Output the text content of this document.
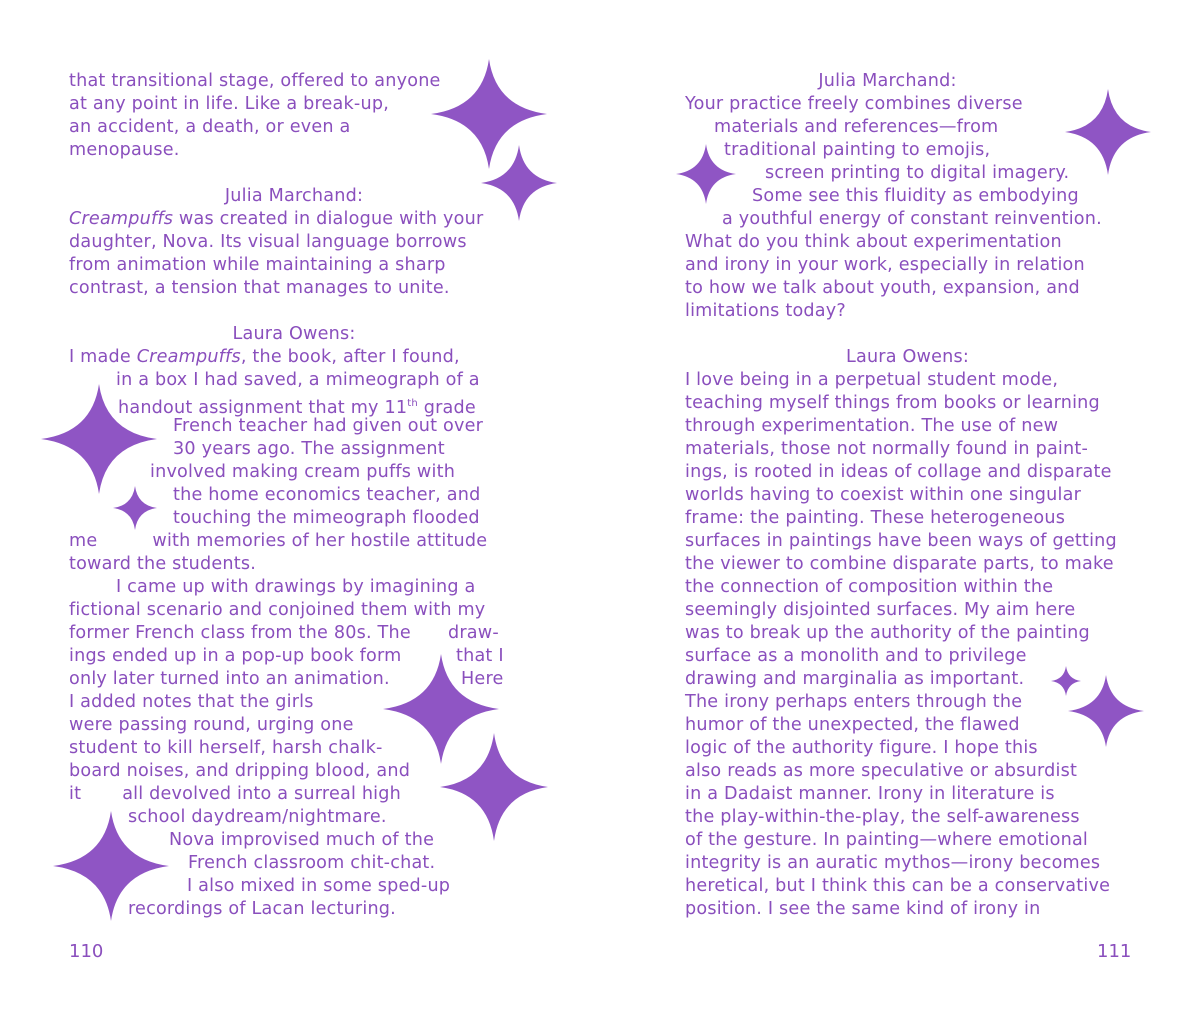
that transitional stage, offered to anyone
at any point in life. Like a break-up,
an accident, a death, or even a
menopause.
Julia Marchand:
Creampuffs was created in dialogue with your
daughter, Nova. Its visual language borrows
from animation while maintaining a sharp
contrast, a tension that manages to unite.
Laura Owens:
I made Creampuffs, the book, after I found,
in a box I had saved, a mimeograph of a
handout assignment that my 11th grade
French teacher had given out over
30 years ago. The assignment
involved making cream puffs with
the home economics teacher, and
touching the mimeograph flooded
me	with memories of her hostile attitude
toward the students.
I came up with drawings by imagining a
fictional scenario and conjoined them with my
former French class from the 80s. The draw-
ings ended up in a pop-up book form	that I
only later turned into an animation.	Here
I added notes that the girls
were passing round, urging one
student to kill herself, harsh chalk-
board noises, and dripping blood, and
it all devolved into a surreal high
school daydream/nightmare.
Nova improvised much of the
French classroom chit-chat.
I also mixed in some sped-up
recordings of Lacan lecturing.
110
Julia Marchand:
Your practice freely combines diverse
materials and references—from
traditional painting to emojis,
screen printing to digital imagery.
Some see this fluidity as embodying
a youthful energy of constant reinvention.
What do you think about experimentation
and irony in your work, especially in relation
to how we talk about youth, expansion, and
limitations today?
Laura Owens:
I love being in a perpetual student mode,
teaching myself things from books or learning
through experimentation. The use of new
materials, those not normally found in paint-
ings, is rooted in ideas of collage and disparate
worlds having to coexist within one singular
frame: the painting. These heterogeneous
surfaces in paintings have been ways of getting
the viewer to combine disparate parts, to make
the connection of composition within the
seemingly disjointed surfaces. My aim here
was to break up the authority of the painting
surface as a monolith and to privilege
drawing and marginalia as important.
The irony perhaps enters through the
humor of the unexpected, the flawed
logic of the authority figure. I hope this
also reads as more speculative or absurdist
in a Dadaist manner. Irony in literature is
the play-within-the-play, the self-awareness
of the gesture. In painting—where emotional
integrity is an auratic mythos—irony becomes
heretical, but I think this can be a conservative
position. I see the same kind of irony in
111
